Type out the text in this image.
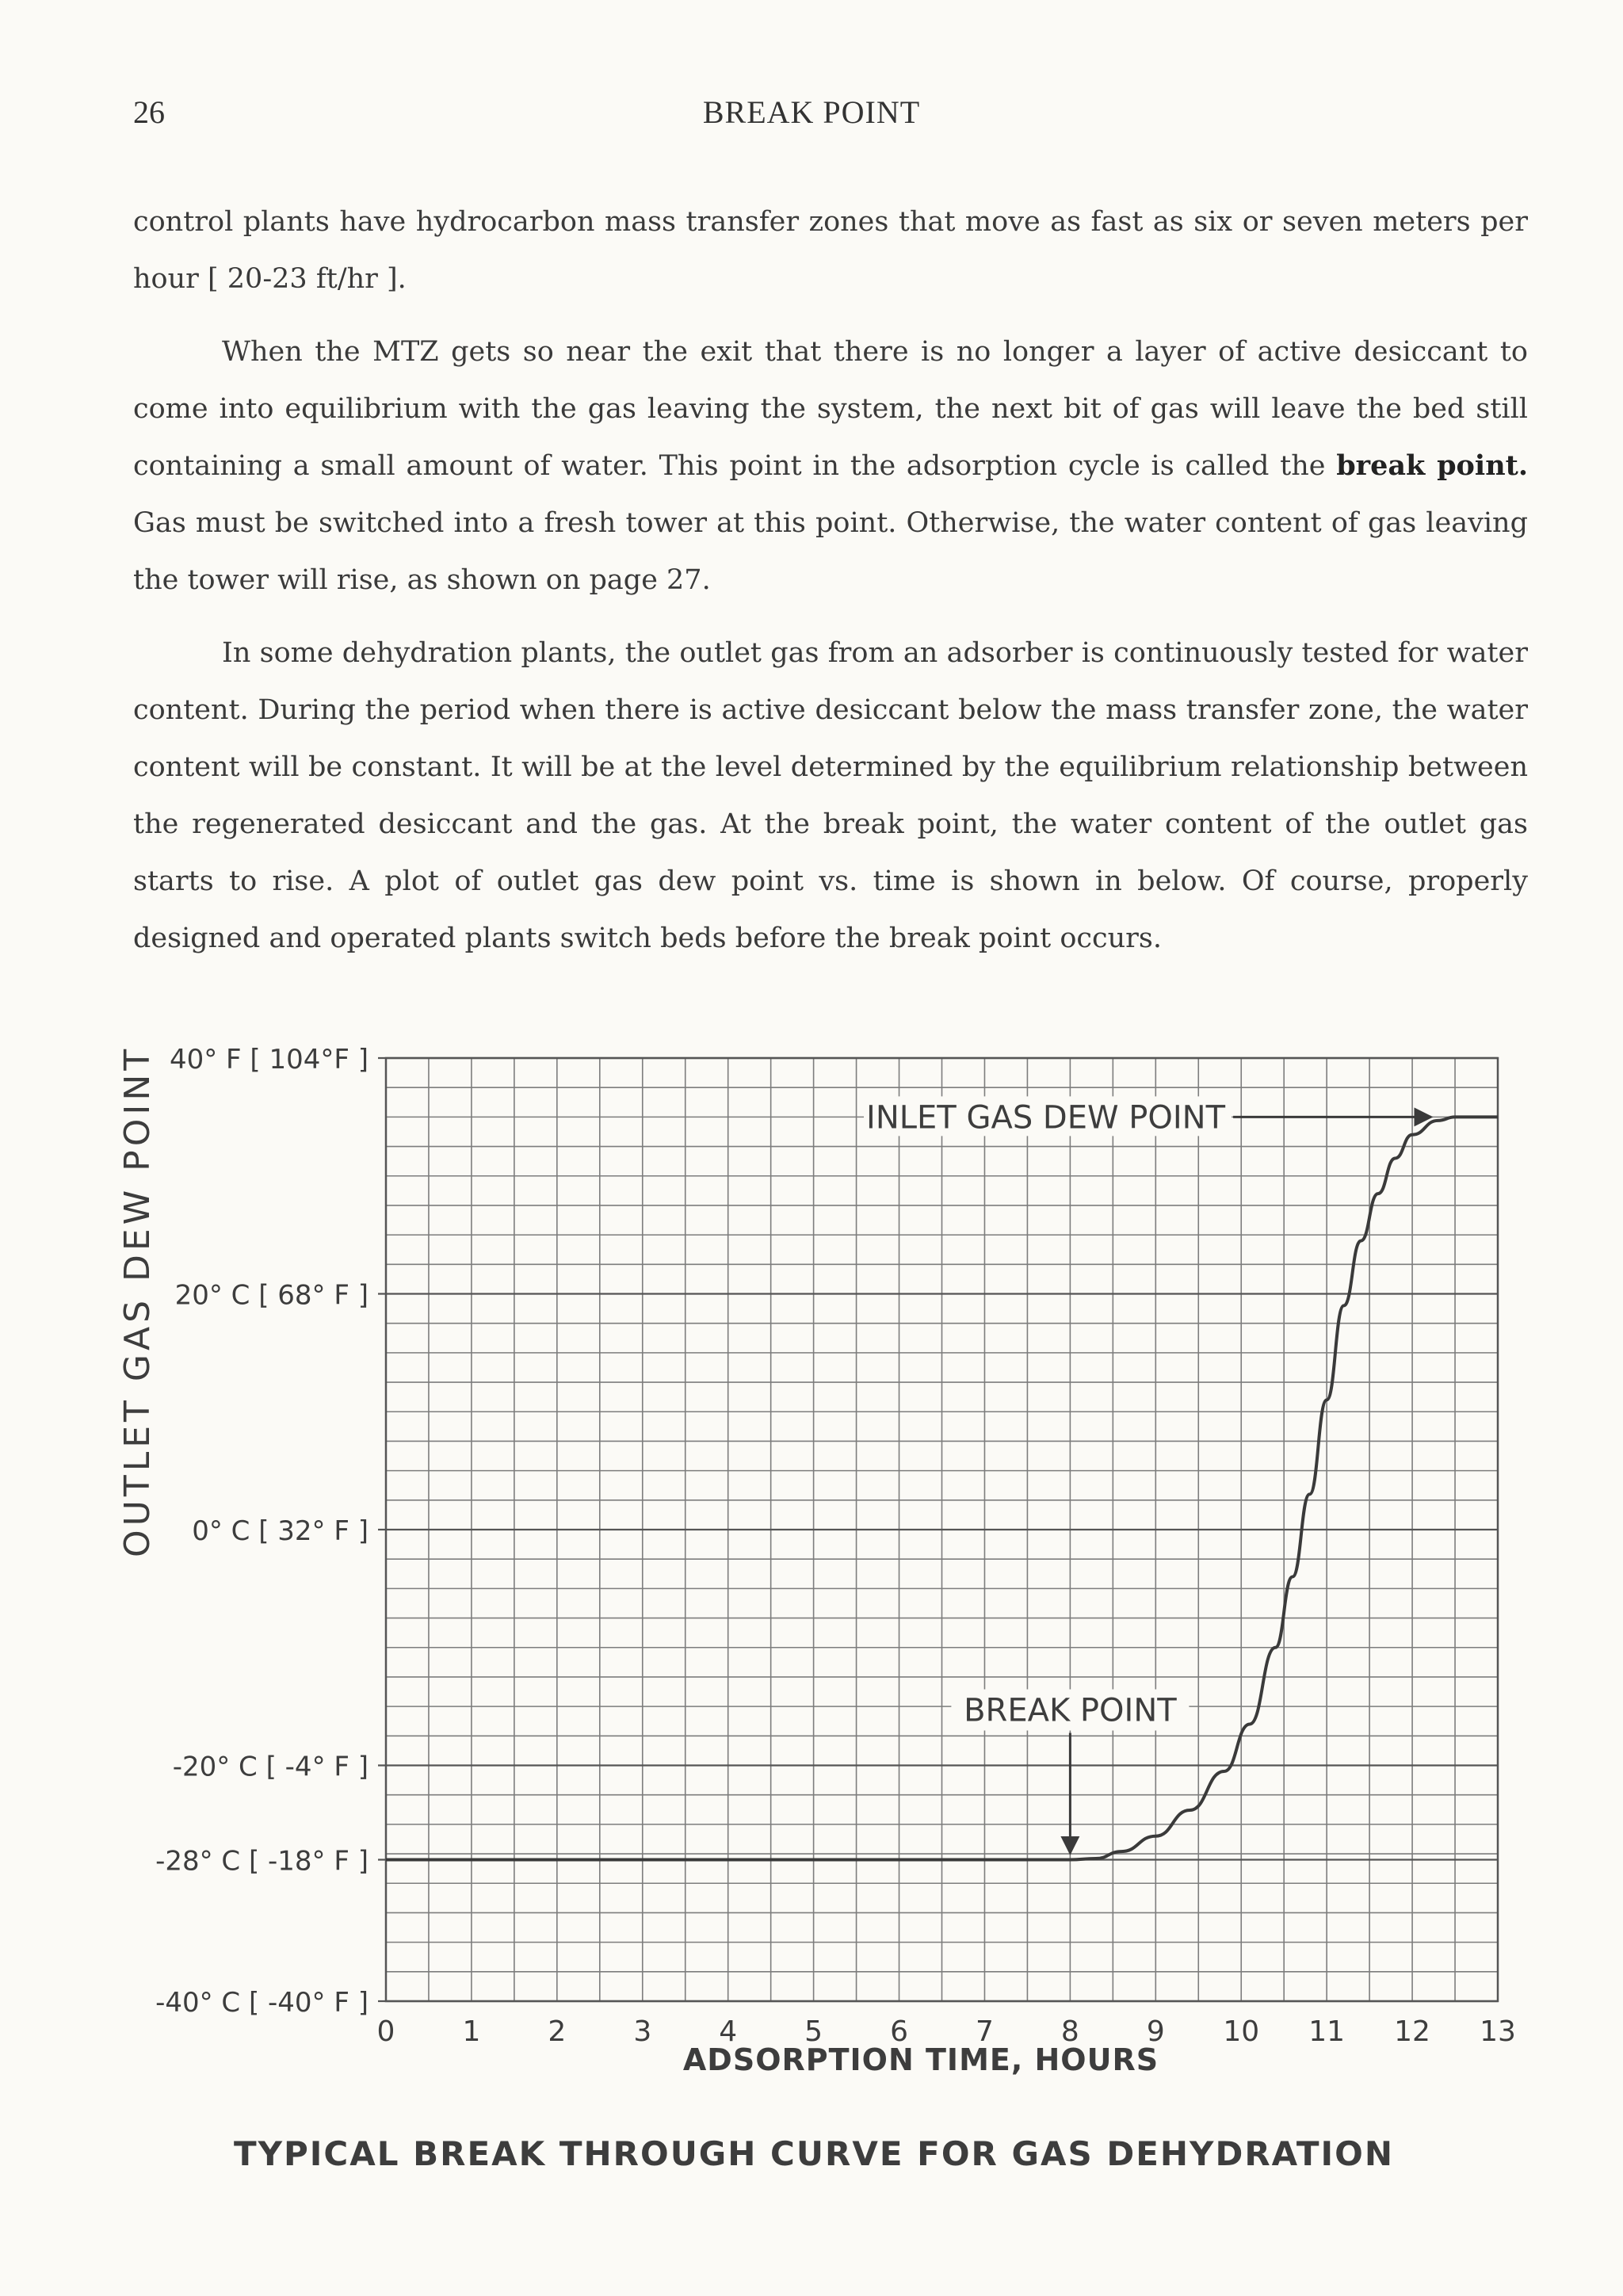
26	BREAK POINT

control plants have hydrocarbon mass transfer zones that move as fast as six or seven meters per hour [ 20-23 ft/hr ].

When the MTZ gets so near the exit that there is no longer a layer of active desiccant to come into equilibrium with the gas leaving the system, the next bit of gas will leave the bed still containing a small amount of water. This point in the adsorption cycle is called the break point. Gas must be switched into a fresh tower at this point. Otherwise, the water content of gas leaving the tower will rise, as shown on page 27.

In some dehydration plants, the outlet gas from an adsorber is continuously tested for water content. During the period when there is active desiccant below the mass transfer zone, the water content will be constant. It will be at the level determined by the equilibrium relationship between the regenerated desiccant and the gas. At the break point, the water content of the outlet gas starts to rise. A plot of outlet gas dew point vs. time is shown in below. Of course, properly designed and operated plants switch beds before the break point occurs.

40° F [ 104°F ]
20° C [ 68° F ]
0° C [ 32° F ]
-20° C [ -4° F ]
-28° C [ -18° F ]
-40° C [ -40° F ]
0 1 2 3 4 5 6 7 8 9 10 11 12 13
INLET GAS DEW POINT
BREAK POINT
OUTLET GAS DEW POINT
ADSORPTION TIME, HOURS
TYPICAL BREAK THROUGH CURVE FOR GAS DEHYDRATION
